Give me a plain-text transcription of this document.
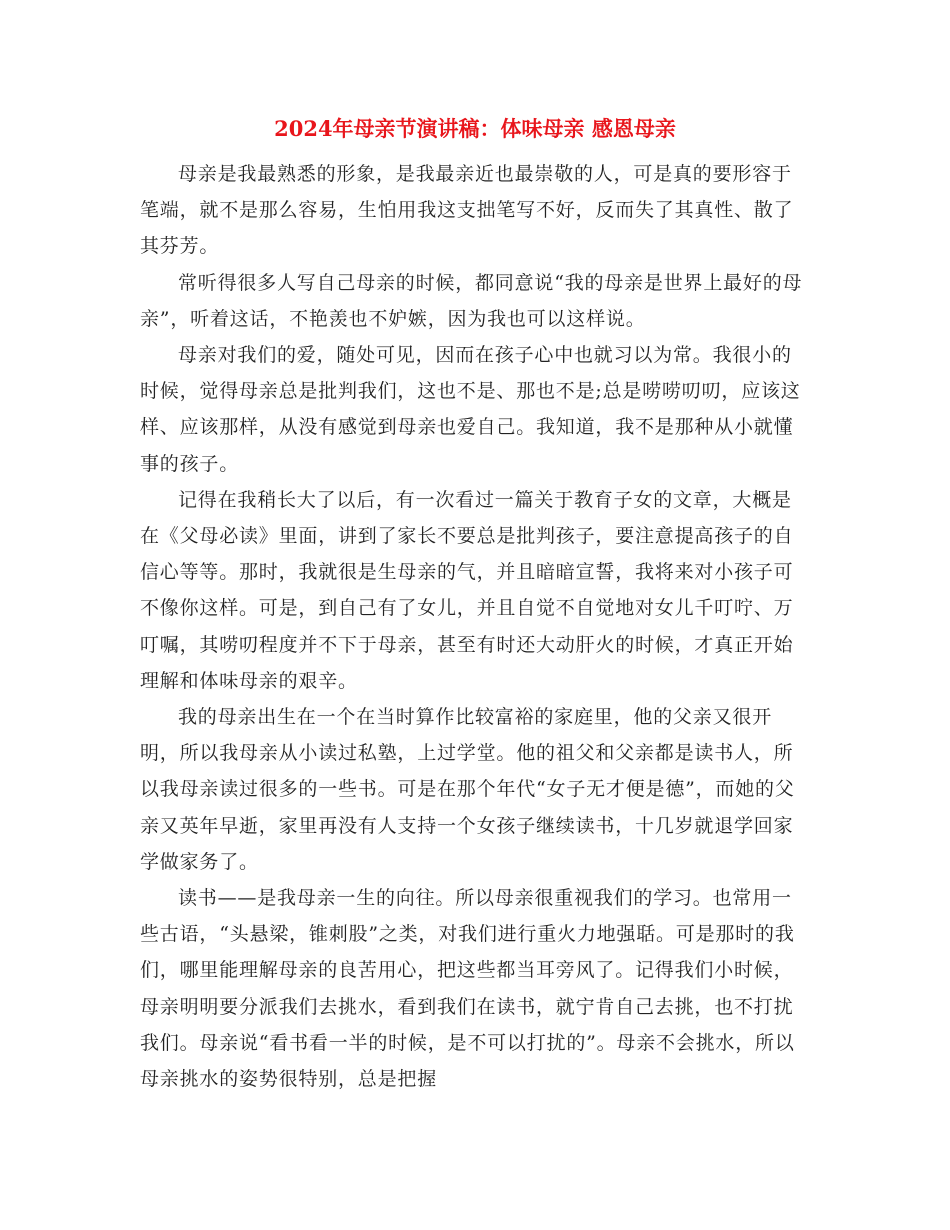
2024年母亲节演讲稿：体味母亲 感恩母亲

母亲是我最熟悉的形象，是我最亲近也最崇敬的人，可是真的要形容于笔端，就不是那么容易，生怕用我这支拙笔写不好，反而失了其真性、散了其芬芳。

常听得很多人写自己母亲的时候，都同意说“我的母亲是世界上最好的母亲”，听着这话，不艳羡也不妒嫉，因为我也可以这样说。

母亲对我们的爱，随处可见，因而在孩子心中也就习以为常。我很小的时候，觉得母亲总是批判我们，这也不是、那也不是;总是唠唠叨叨，应该这样、应该那样，从没有感觉到母亲也爱自己。我知道，我不是那种从小就懂事的孩子。

记得在我稍长大了以后，有一次看过一篇关于教育子女的文章，大概是在《父母必读》里面，讲到了家长不要总是批判孩子，要注意提高孩子的自信心等等。那时，我就很是生母亲的气，并且暗暗宣誓，我将来对小孩子可不像你这样。可是，到自己有了女儿，并且自觉不自觉地对女儿千叮咛、万叮嘱，其唠叨程度并不下于母亲，甚至有时还大动肝火的时候，才真正开始理解和体味母亲的艰辛。

我的母亲出生在一个在当时算作比较富裕的家庭里，他的父亲又很开明，所以我母亲从小读过私塾，上过学堂。他的祖父和父亲都是读书人，所以我母亲读过很多的一些书。可是在那个年代“女子无才便是德”，而她的父亲又英年早逝，家里再没有人支持一个女孩子继续读书，十几岁就退学回家学做家务了。

读书——是我母亲一生的向往。所以母亲很重视我们的学习。也常用一些古语，“头悬梁，锥刺股”之类，对我们进行重火力地强聒。可是那时的我们，哪里能理解母亲的良苦用心，把这些都当耳旁风了。记得我们小时候，母亲明明要分派我们去挑水，看到我们在读书，就宁肯自己去挑，也不打扰我们。母亲说“看书看一半的时候，是不可以打扰的”。母亲不会挑水，所以母亲挑水的姿势很特别，总是把握
